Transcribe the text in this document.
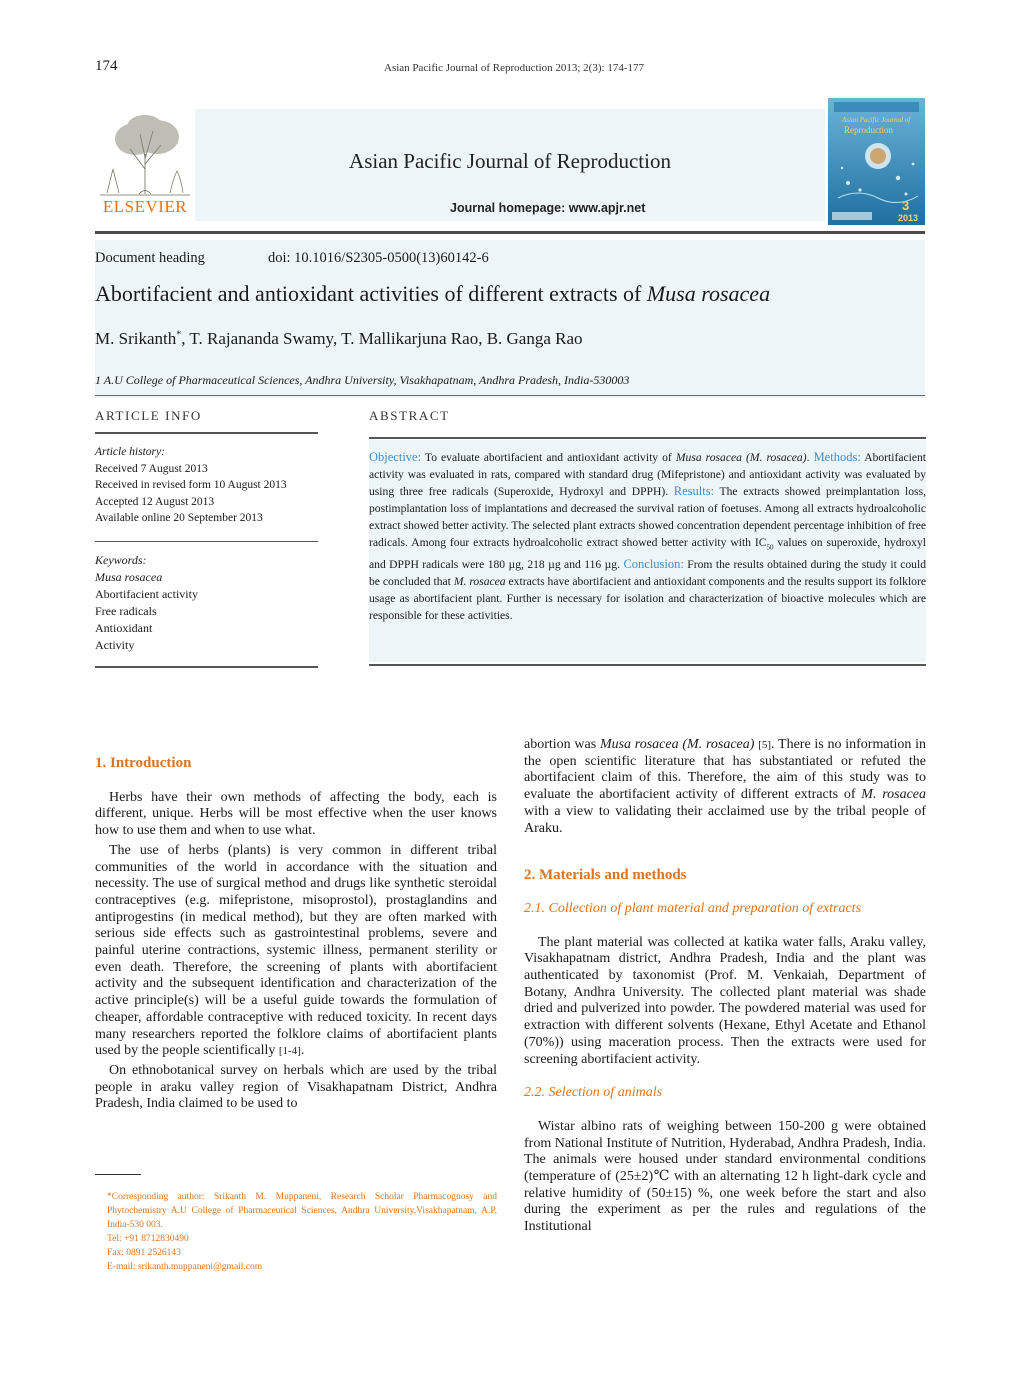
174	Asian Pacific Journal of Reproduction 2013; 2(3): 174-177
ELSEVIER
Asian Pacific Journal of Reproduction
Journal homepage: www.apjr.net
Asian Pacific Journal of
Reproduction
3
2013
Document heading	doi: 10.1016/S2305-0500(13)60142-6
Abortifacient and antioxidant activities of different extracts of Musa rosacea
M. Srikanth*, T. Rajananda Swamy, T. Mallikarjuna Rao, B. Ganga Rao
1 A.U College of Pharmaceutical Sciences, Andhra University, Visakhapatnam, Andhra Pradesh, India-530003
ARTICLE INFO
Article history:
Received 7 August 2013
Received in revised form 10 August 2013
Accepted 12 August 2013
Available online 20 September 2013
Keywords:
Musa rosacea
Abortifacient activity
Free radicals
Antioxidant
Activity
ABSTRACT
Objective: To evaluate abortifacient and antioxidant activity of Musa rosacea (M. rosacea). Methods: Abortifacient activity was evaluated in rats, compared with standard drug (Mifepristone) and antioxidant activity was evaluated by using three free radicals (Superoxide, Hydroxyl and DPPH). Results: The extracts showed preimplantation loss, postimplantation loss of implantations and decreased the survival ration of foetuses. Among all extracts hydroalcoholic extract showed better activity. The selected plant extracts showed concentration dependent percentage inhibition of free radicals. Among four extracts hydroalcoholic extract showed better activity with $IC_{50}$ values on superoxide, hydroxyl and DPPH radicals were 180 µg, 218 µg and 116 µg. Conclusion: From the results obtained during the study it could be concluded that M. rosacea extracts have abortifacient and antioxidant components and the results support its folklore usage as abortifacient plant. Further is necessary for isolation and characterization of bioactive molecules which are responsible for these activities.

1. Introduction

Herbs have their own methods of affecting the body, each is different, unique. Herbs will be most effective when the user knows how to use them and when to use what.

The use of herbs (plants) is very common in different tribal communities of the world in accordance with the situation and necessity. The use of surgical method and drugs like synthetic steroidal contraceptives (e.g. mifepristone, misoprostol), prostaglandins and antiprogestins (in medical method), but they are often marked with serious side effects such as gastrointestinal problems, severe and painful uterine contractions, systemic illness, permanent sterility or even death. Therefore, the screening of plants with abortifacient activity and the subsequent identification and characterization of the active principle(s) will be a useful guide towards the formulation of cheaper, affordable contraceptive with reduced toxicity. In recent days many researchers reported the folklore claims of abortifacient plants used by the people scientifically [1-4].

On ethnobotanical survey on herbals which are used by the tribal people in araku valley region of Visakhapatnam District, Andhra Pradesh, India claimed to be used to

abortion was Musa rosacea (M. rosacea) [5]. There is no information in the open scientific literature that has substantiated or refuted the abortifacient claim of this. Therefore, the aim of this study was to evaluate the abortifacient activity of different extracts of M. rosacea with a view to validating their acclaimed use by the tribal people of Araku.

2. Materials and methods

2.1. Collection of plant material and preparation of extracts

The plant material was collected at katika water falls, Araku valley, Visakhapatnam district, Andhra Pradesh, India and the plant was authenticated by taxonomist (Prof. M. Venkaiah, Department of Botany, Andhra University. The collected plant material was shade dried and pulverized into powder. The powdered material was used for extraction with different solvents (Hexane, Ethyl Acetate and Ethanol (70%)) using maceration process. Then the extracts were used for screening abortifacient activity.

2.2. Selection of animals

Wistar albino rats of weighing between 150-200 g were obtained from National Institute of Nutrition, Hyderabad, Andhra Pradesh, India. The animals were housed under standard environmental conditions (temperature of (25±2)℃ with an alternating 12 h light-dark cycle and relative humidity of (50±15) %, one week before the start and also during the experiment as per the rules and regulations of the Institutional

*Corresponding author: Srikanth M. Muppaneni, Research Scholar Pharmacognosy and Phytochemistry A.U College of Pharmaceutical Sciences, Andhra University,Visakhapatnam, A.P, India-530 003.
Tel: +91 8712830490
Fax: 0891 2526143
E-mail: srikanth.muppaneni@gmail.com
